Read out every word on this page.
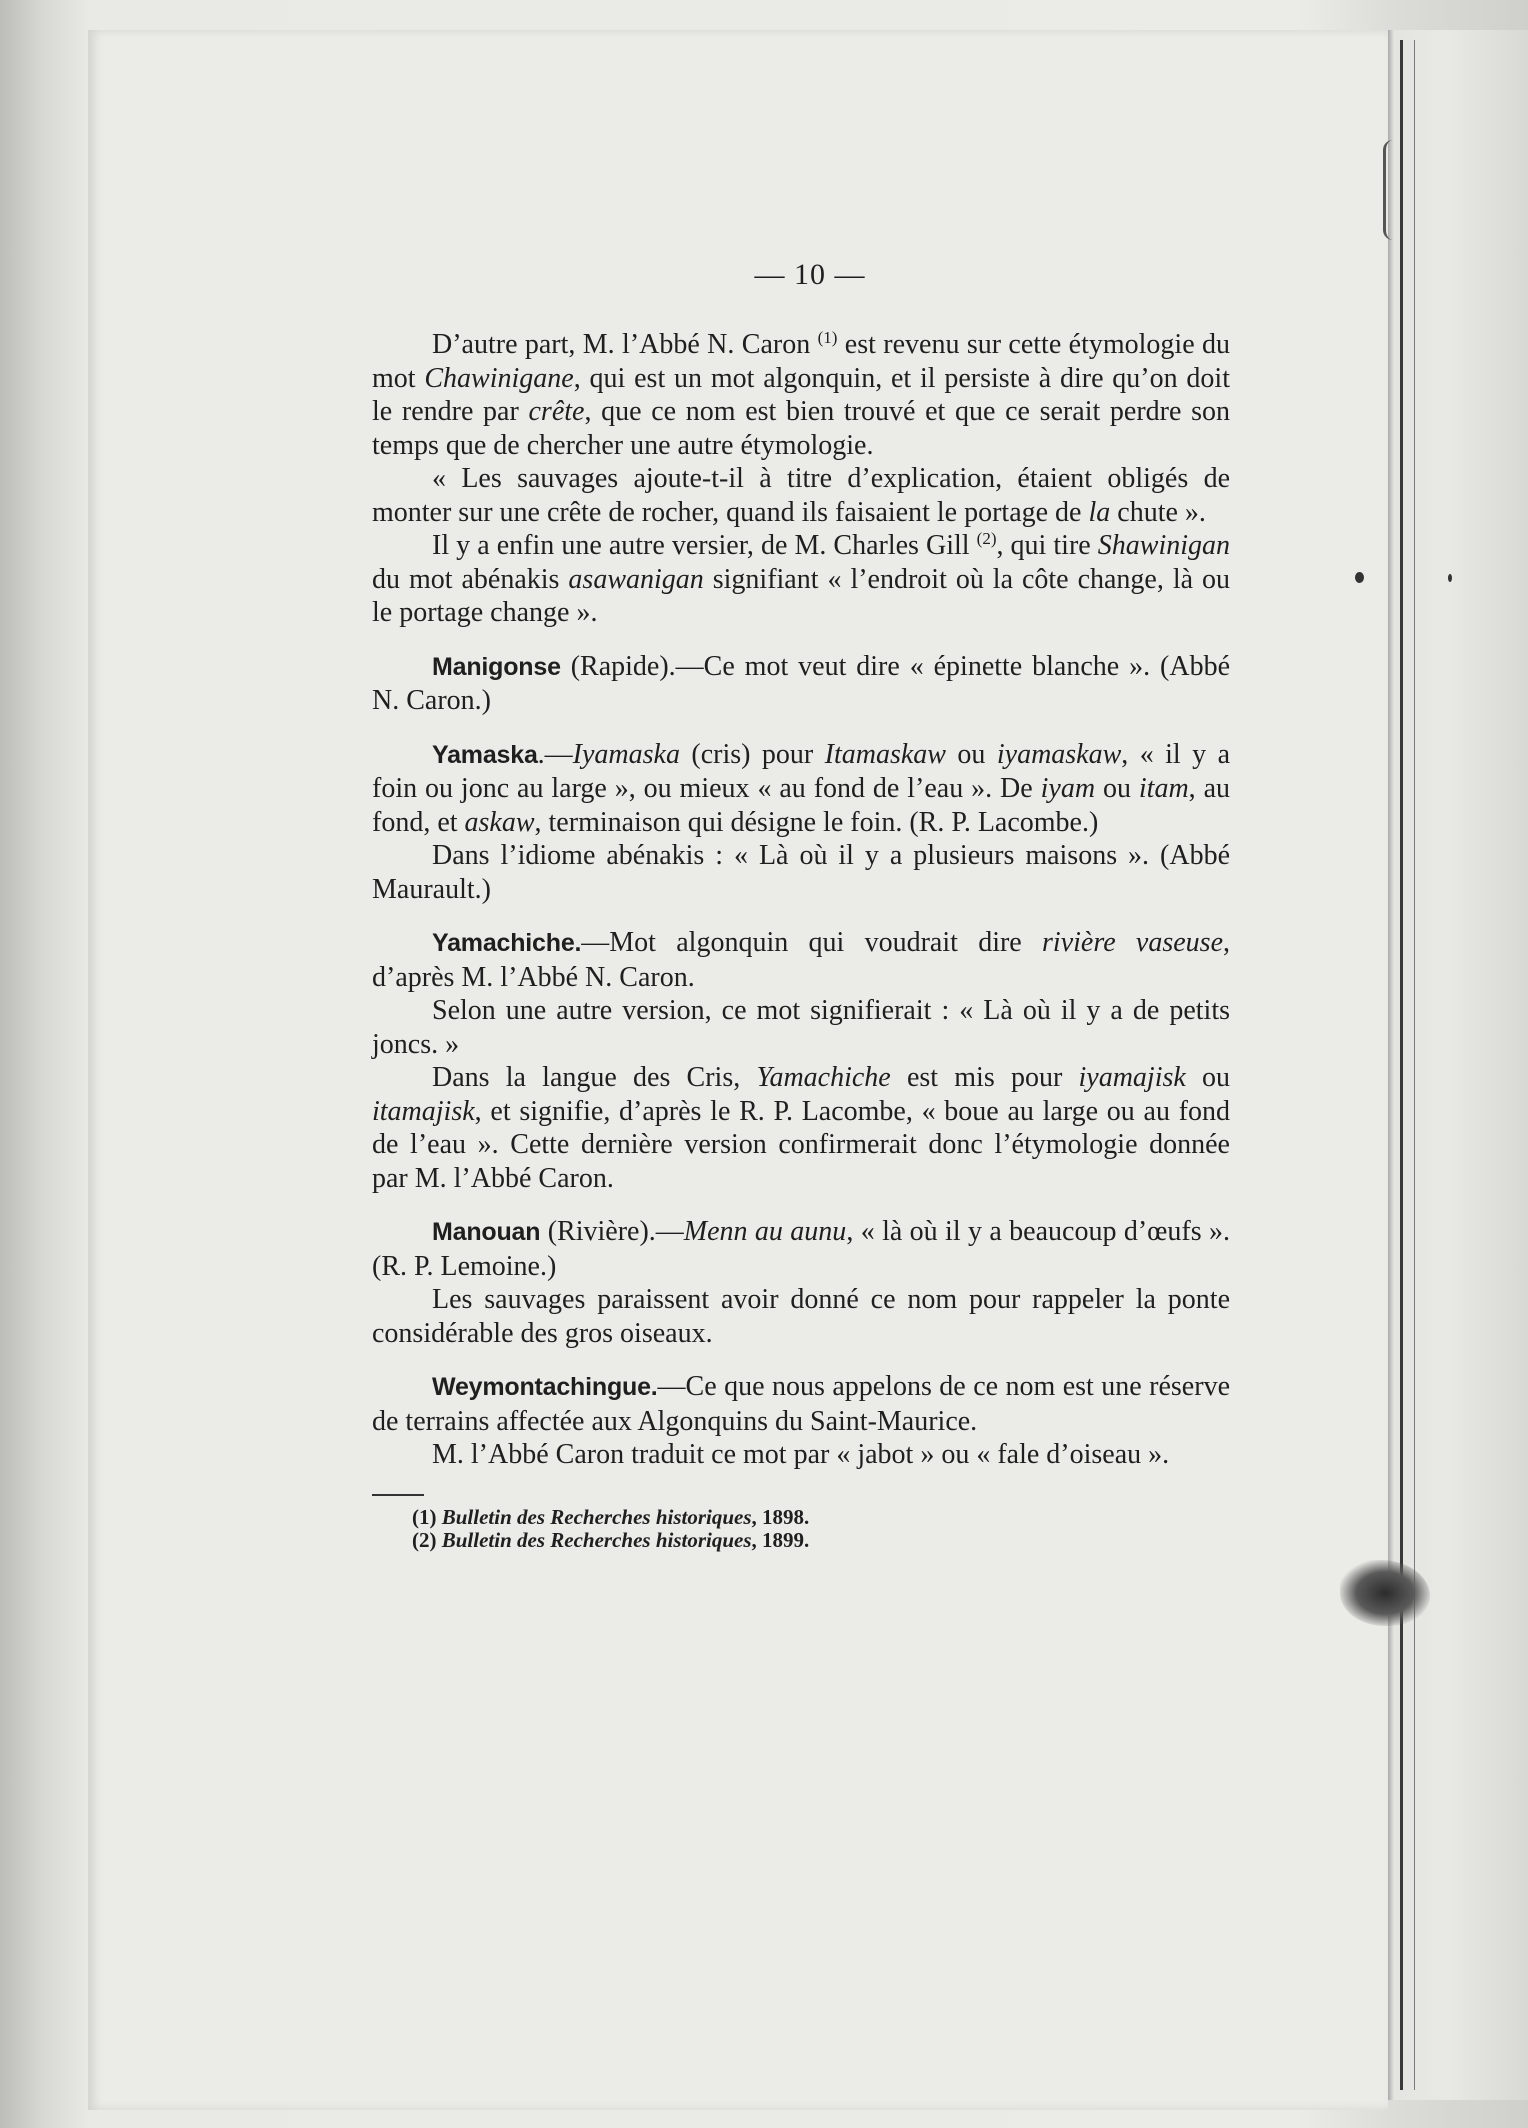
— 10 —

D’autre part, M. l’Abbé N. Caron $^{(1)}$ est revenu sur cette étymologie du mot Chawinigane, qui est un mot algonquin, et il persiste à dire qu’on doit le rendre par crête, que ce nom est bien trouvé et que ce serait perdre son temps que de chercher une autre étymologie.

« Les sauvages ajoute-t-il à titre d’explication, étaient obligés de monter sur une crête de rocher, quand ils faisaient le portage de la chute ».

Il y a enfin une autre versier, de M. Charles Gill $^{(2)}$, qui tire Shawinigan du mot abénakis asawanigan signifiant « l’endroit où la côte change, là ou le portage change ».

Manigonse (Rapide).—Ce mot veut dire « épinette blanche ». (Abbé N. Caron.)

Yamaska.—Iyamaska (cris) pour Itamaskaw ou iyamaskaw, « il y a foin ou jonc au large », ou mieux « au fond de l’eau ». De iyam ou itam, au fond, et askaw, terminaison qui désigne le foin. (R. P. Lacombe.)

Dans l’idiome abénakis : « Là où il y a plusieurs maisons ». (Abbé Maurault.)

Yamachiche.—Mot algonquin qui voudrait dire rivière vaseuse, d’après M. l’Abbé N. Caron.

Selon une autre version, ce mot signifierait : « Là où il y a de petits joncs. »

Dans la langue des Cris, Yamachiche est mis pour iyamajisk ou itamajisk, et signifie, d’après le R. P. Lacombe, « boue au large ou au fond de l’eau ». Cette dernière version confirmerait donc l’étymologie donnée par M. l’Abbé Caron.

Manouan (Rivière).—Menn au aunu, « là où il y a beaucoup d’œufs ». (R. P. Lemoine.)

Les sauvages paraissent avoir donné ce nom pour rappeler la ponte considérable des gros oiseaux.

Weymontachingue.—Ce que nous appelons de ce nom est une réserve de terrains affectée aux Algonquins du Saint-Maurice.

M. l’Abbé Caron traduit ce mot par « jabot » ou « fale d’oiseau ».

(1) Bulletin des Recherches historiques, 1898.

(2) Bulletin des Recherches historiques, 1899.
